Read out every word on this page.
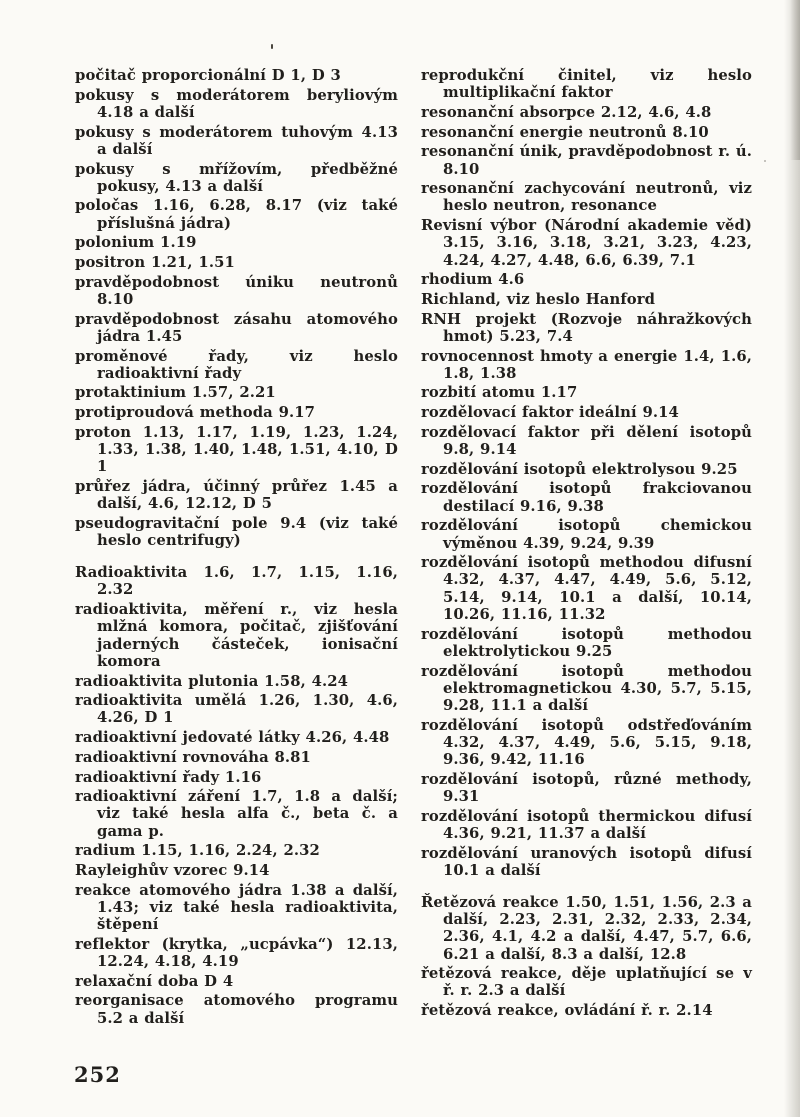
počitač proporcionální D 1, D 3

pokusy s moderátorem beryliovým 4.18 a další

pokusy s moderátorem tuhovým 4.13 a další

pokusy s mřížovím, předběžné pokusy, 4.13 a další

poločas 1.16, 6.28, 8.17 (viz také příslušná jádra)

polonium 1.19

positron 1.21, 1.51

pravděpodobnost úniku neutronů 8.10

pravděpodobnost zásahu atomového jádra 1.45

proměnové řady, viz heslo radioaktivní řady

protaktinium 1.57, 2.21

protiproudová methoda 9.17

proton 1.13, 1.17, 1.19, 1.23, 1.24, 1.33, 1.38, 1.40, 1.48, 1.51, 4.10, D 1

průřez jádra, účinný průřez 1.45 a další, 4.6, 12.12, D 5

pseudogravitační pole 9.4 (viz také heslo centrifugy)

Radioaktivita 1.6, 1.7, 1.15, 1.16, 2.32

radioaktivita, měření r., viz hesla mlžná komora, počitač, zjišťování jaderných částeček, ionisační komora

radioaktivita plutonia 1.58, 4.24

radioaktivita umělá 1.26, 1.30, 4.6, 4.26, D 1

radioaktivní jedovaté látky 4.26, 4.48

radioaktivní rovnováha 8.81

radioaktivní řady 1.16

radioaktivní záření 1.7, 1.8 a další; viz také hesla alfa č., beta č. a gama p.

radium 1.15, 1.16, 2.24, 2.32

Rayleighův vzorec 9.14

reakce atomového jádra 1.38 a další, 1.43; viz také hesla radioaktivita, štěpení

reflektor (krytka, „ucpávka“) 12.13, 12.24, 4.18, 4.19

relaxační doba D 4

reorganisace atomového programu 5.2 a další

reprodukční činitel, viz heslo multiplikační faktor

resonanční absorpce 2.12, 4.6, 4.8

resonanční energie neutronů 8.10

resonanční únik, pravděpodobnost r. ú. 8.10

resonanční zachycování neutronů, viz heslo neutron, resonance

Revisní výbor (Národní akademie věd) 3.15, 3.16, 3.18, 3.21, 3.23, 4.23, 4.24, 4.27, 4.48, 6.6, 6.39, 7.1

rhodium 4.6

Richland, viz heslo Hanford

RNH projekt (Rozvoje náhražkových hmot) 5.23, 7.4

rovnocennost hmoty a energie 1.4, 1.6, 1.8, 1.38

rozbití atomu 1.17

rozdělovací faktor ideální 9.14

rozdělovací faktor při dělení isotopů 9.8, 9.14

rozdělování isotopů elektrolysou 9.25

rozdělování isotopů frakciovanou destilací 9.16, 9.38

rozdělování isotopů chemickou výměnou 4.39, 9.24, 9.39

rozdělování isotopů methodou difusní 4.32, 4.37, 4.47, 4.49, 5.6, 5.12, 5.14, 9.14, 10.1 a další, 10.14, 10.26, 11.16, 11.32

rozdělování isotopů methodou elektrolytickou 9.25

rozdělování isotopů methodou elektromagnetickou 4.30, 5.7, 5.15, 9.28, 11.1 a další

rozdělování isotopů odstřeďováním 4.32, 4.37, 4.49, 5.6, 5.15, 9.18, 9.36, 9.42, 11.16

rozdělování isotopů, různé methody, 9.31

rozdělování isotopů thermickou difusí 4.36, 9.21, 11.37 a další

rozdělování uranových isotopů difusí 10.1 a další

Řetězová reakce 1.50, 1.51, 1.56, 2.3 a další, 2.23, 2.31, 2.32, 2.33, 2.34, 2.36, 4.1, 4.2 a další, 4.47, 5.7, 6.6, 6.21 a další, 8.3 a další, 12.8

řetězová reakce, děje uplatňující se v ř. r. 2.3 a další

řetězová reakce, ovládání ř. r. 2.14

252
